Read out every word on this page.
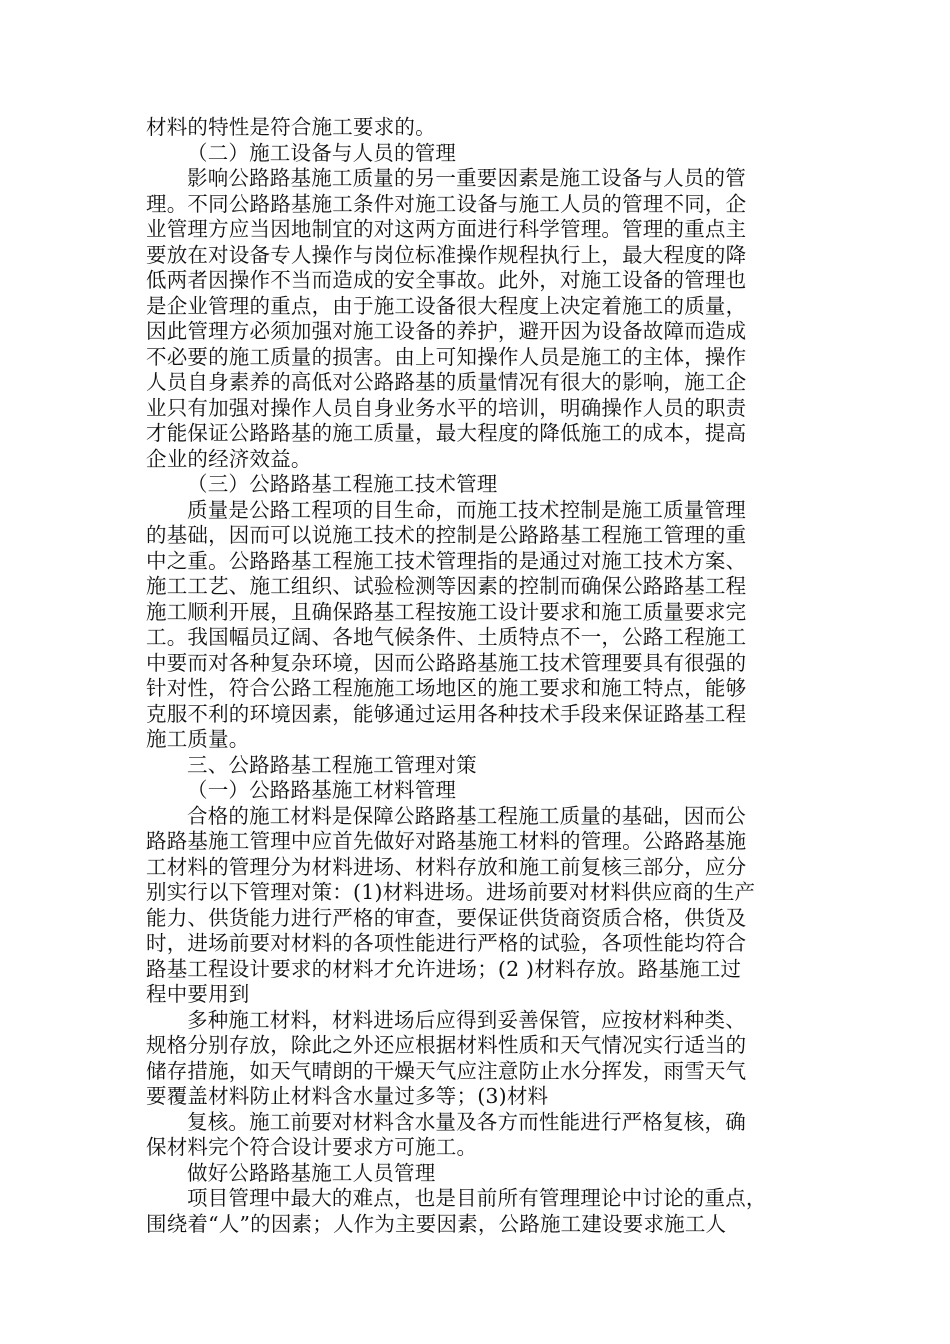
材料的特性是符合施工要求的。
（二）施工设备与人员的管理
影响公路路基施工质量的另一重要因素是施工设备与人员的管
理。不同公路路基施工条件对施工设备与施工人员的管理不同，企
业管理方应当因地制宜的对这两方面进行科学管理。管理的重点主
要放在对设备专人操作与岗位标准操作规程执行上，最大程度的降
低两者因操作不当而造成的安全事故。此外，对施工设备的管理也
是企业管理的重点，由于施工设备很大程度上决定着施工的质量，
因此管理方必须加强对施工设备的养护，避开因为设备故障而造成
不必要的施工质量的损害。由上可知操作人员是施工的主体，操作
人员自身素养的高低对公路路基的质量情况有很大的影响，施工企
业只有加强对操作人员自身业务水平的培训，明确操作人员的职责
才能保证公路路基的施工质量，最大程度的降低施工的成本，提高
企业的经济效益。
（三）公路路基工程施工技术管理
质量是公路工程项的目生命，而施工技术控制是施工质量管理
的基础，因而可以说施工技术的控制是公路路基工程施工管理的重
中之重。公路路基工程施工技术管理指的是通过对施工技术方案、
施工工艺、施工组织、试验检测等因素的控制而确保公路路基工程
施工顺利开展，且确保路基工程按施工设计要求和施工质量要求完
工。我国幅员辽阔、各地气候条件、土质特点不一，公路工程施工
中要而对各种复杂环境，因而公路路基施工技术管理要具有很强的
针对性，符合公路工程施施工场地区的施工要求和施工特点，能够
克服不利的环境因素，能够通过运用各种技术手段来保证路基工程
施工质量。
三、公路路基工程施工管理对策
（一）公路路基施工材料管理
合格的施工材料是保障公路路基工程施工质量的基础，因而公
路路基施工管理中应首先做好对路基施工材料的管理。公路路基施
工材料的管理分为材料进场、材料存放和施工前复核三部分，应分
别实行以下管理对策：(1)材料进场。进场前要对材料供应商的生产
能力、供货能力进行严格的审查，要保证供货商资质合格，供货及
时，进场前要对材料的各项性能进行严格的试验，各项性能均符合
路基工程设计要求的材料才允许进场；(2 )材料存放。路基施工过
程中要用到
多种施工材料，材料进场后应得到妥善保管，应按材料种类、
规格分别存放，除此之外还应根据材料性质和天气情况实行适当的
储存措施，如天气晴朗的干燥天气应注意防止水分挥发，雨雪天气
要覆盖材料防止材料含水量过多等；(3)材料
复核。施工前要对材料含水量及各方而性能进行严格复核，确
保材料完个符合设计要求方可施工。
做好公路路基施工人员管理
项目管理中最大的难点，也是目前所有管理理论中讨论的重点，
围绕着“人”的因素；人作为主要因素，公路施工建设要求施工人
